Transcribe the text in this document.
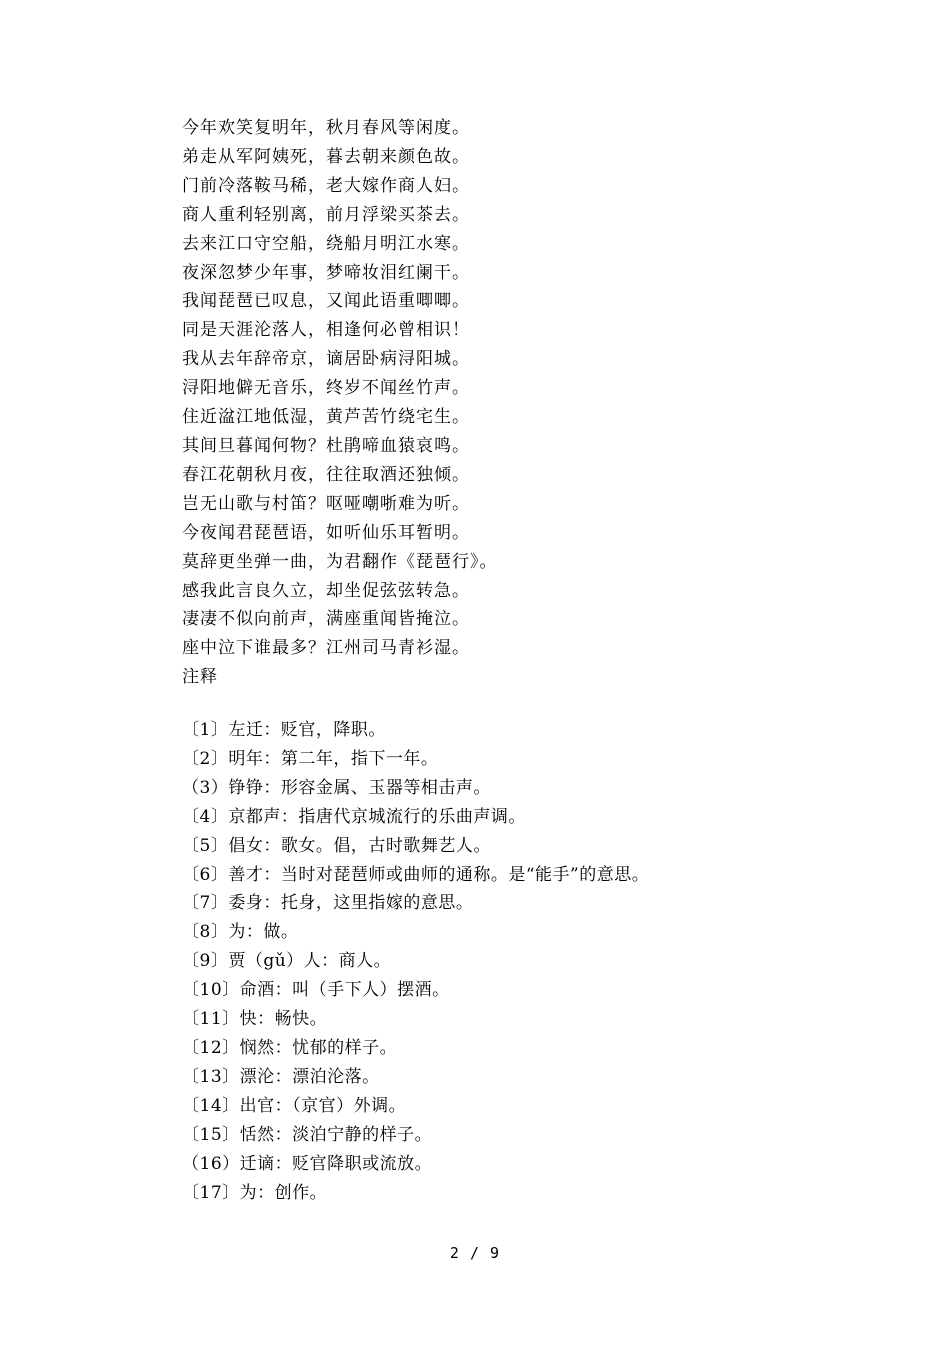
今年欢笑复明年，秋月春风等闲度。
弟走从军阿姨死，暮去朝来颜色故。
门前冷落鞍马稀，老大嫁作商人妇。
商人重利轻别离，前月浮梁买茶去。
去来江口守空船，绕船月明江水寒。
夜深忽梦少年事，梦啼妆泪红阑干。
我闻琵琶已叹息，又闻此语重唧唧。
同是天涯沦落人，相逢何必曾相识！
我从去年辞帝京，谪居卧病浔阳城。
浔阳地僻无音乐，终岁不闻丝竹声。
住近湓江地低湿，黄芦苦竹绕宅生。
其间旦暮闻何物？杜鹃啼血猿哀鸣。
春江花朝秋月夜，往往取酒还独倾。
岂无山歌与村笛？呕哑嘲哳难为听。
今夜闻君琵琶语，如听仙乐耳暂明。
莫辞更坐弹一曲，为君翻作《琵琶行》。
感我此言良久立，却坐促弦弦转急。
凄凄不似向前声，满座重闻皆掩泣。
座中泣下谁最多？江州司马青衫湿。
注释
〔1〕左迁：贬官，降职。
〔2〕明年：第二年，指下一年。
（3）铮铮：形容金属、玉器等相击声。
〔4〕京都声：指唐代京城流行的乐曲声调。
〔5〕倡女：歌女。倡，古时歌舞艺人。
〔6〕善才：当时对琵琶师或曲师的通称。是“能手”的意思。
〔7〕委身：托身，这里指嫁的意思。
〔8〕为：做。
〔9〕贾（gǔ）人：商人。
〔10〕命酒：叫（手下人）摆酒。
〔11〕快：畅快。
〔12〕悯然：忧郁的样子。
〔13〕漂沦：漂泊沦落。
〔14〕出官：（京官）外调。
〔15〕恬然：淡泊宁静的样子。
（16）迁谪：贬官降职或流放。
〔17〕为：创作。
2 / 9
